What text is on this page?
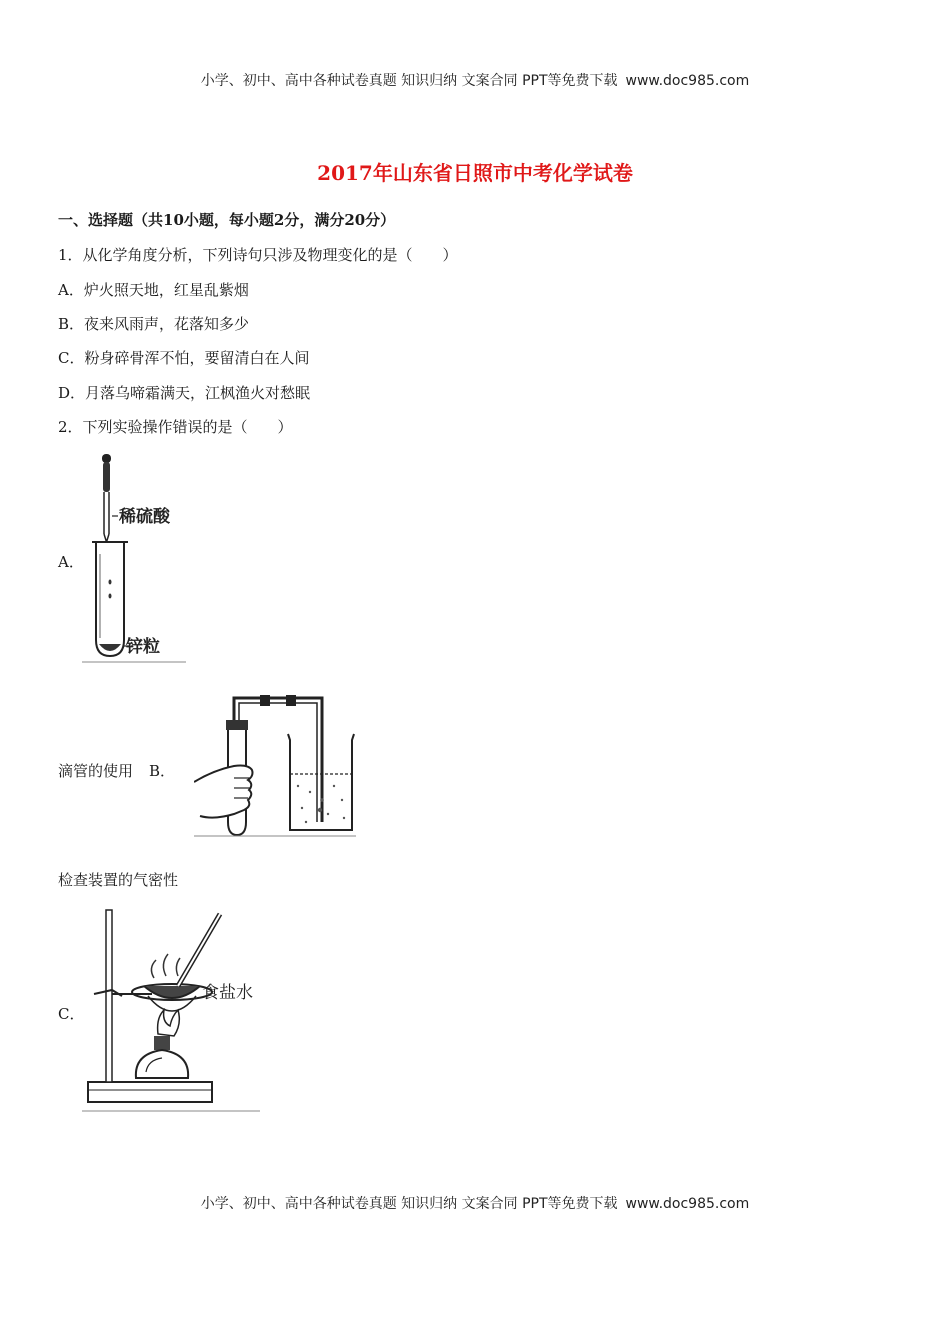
小学、初中、高中各种试卷真题 知识归纳 文案合同 PPT等免费下载 www.doc985.com
2017年山东省日照市中考化学试卷
一、选择题（共10小题，每小题2分，满分20分）
1．从化学角度分析，下列诗句只涉及物理变化的是（　　）
A．炉火照天地，红星乱紫烟
B．夜来风雨声，花落知多少
C．粉身碎骨浑不怕，要留清白在人间
D．月落乌啼霜满天，江枫渔火对愁眠
2．下列实验操作错误的是（　　）
A．
稀硫酸
锌粒
滴管的使用 B．
检查装置的气密性
C．
食盐水
小学、初中、高中各种试卷真题 知识归纳 文案合同 PPT等免费下载 www.doc985.com
